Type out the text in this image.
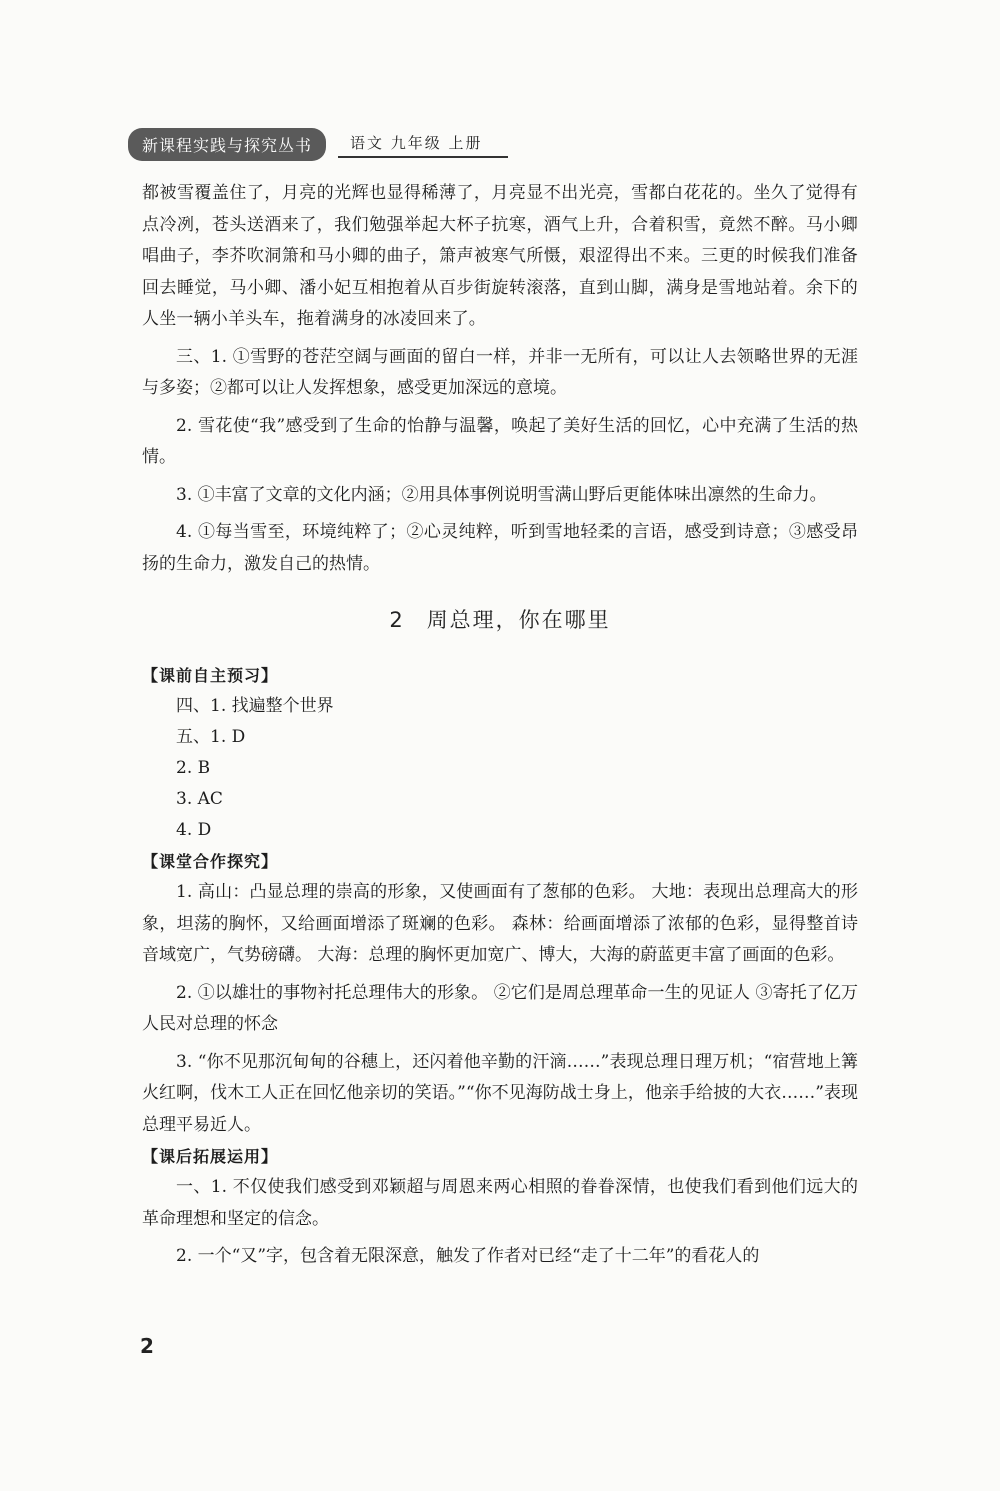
新课程实践与探究丛书	语文 九年级 上册

都被雪覆盖住了，月亮的光辉也显得稀薄了，月亮显不出光亮，雪都白花花的。坐久了觉得有点冷冽，苍头送酒来了，我们勉强举起大杯子抗寒，酒气上升，合着积雪，竟然不醉。马小卿唱曲子，李芥吹洞箫和马小卿的曲子，箫声被寒气所慑，艰涩得出不来。三更的时候我们准备回去睡觉，马小卿、潘小妃互相抱着从百步街旋转滚落，直到山脚，满身是雪地站着。余下的人坐一辆小羊头车，拖着满身的冰凌回来了。

三、1. ①雪野的苍茫空阔与画面的留白一样，并非一无所有，可以让人去领略世界的无涯与多姿；②都可以让人发挥想象，感受更加深远的意境。

2. 雪花使“我”感受到了生命的怡静与温馨，唤起了美好生活的回忆，心中充满了生活的热情。

3. ①丰富了文章的文化内涵；②用具体事例说明雪满山野后更能体味出凛然的生命力。

4. ①每当雪至，环境纯粹了；②心灵纯粹，听到雪地轻柔的言语，感受到诗意；③感受昂扬的生命力，激发自己的热情。

2 周总理，你在哪里
【课前自主预习】

四、1. 找遍整个世界

五、1. D

2. B

3. AC

4. D

【课堂合作探究】

1. 高山：凸显总理的崇高的形象，又使画面有了葱郁的色彩。 大地：表现出总理高大的形象，坦荡的胸怀，又给画面增添了斑斓的色彩。 森林：给画面增添了浓郁的色彩，显得整首诗音域宽广，气势磅礴。 大海：总理的胸怀更加宽广、博大，大海的蔚蓝更丰富了画面的色彩。

2. ①以雄壮的事物衬托总理伟大的形象。 ②它们是周总理革命一生的见证人 ③寄托了亿万人民对总理的怀念

3. “你不见那沉甸甸的谷穗上，还闪着他辛勤的汗滴……”表现总理日理万机；“宿营地上篝火红啊，伐木工人正在回忆他亲切的笑语。”“你不见海防战士身上，他亲手给披的大衣……”表现总理平易近人。

【课后拓展运用】

一、1. 不仅使我们感受到邓颖超与周恩来两心相照的眷眷深情，也使我们看到他们远大的革命理想和坚定的信念。

2. 一个“又”字，包含着无限深意，触发了作者对已经“走了十二年”的看花人的

2
